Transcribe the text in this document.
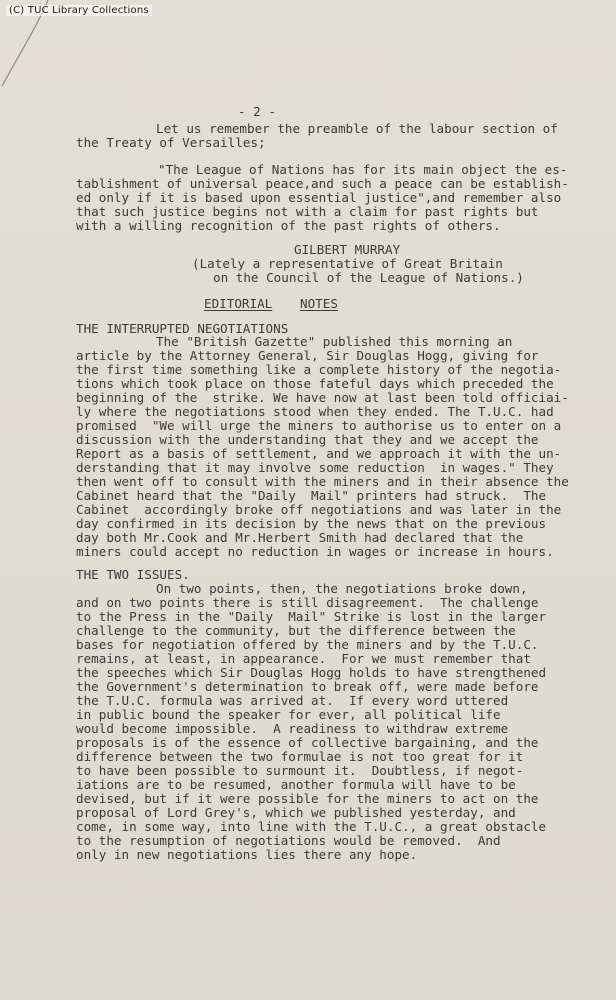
(C) TUC Library Collections
- 2 -
Let us remember the preamble of the labour section of
the Treaty of Versailles;
"The League of Nations has for its main object the es-
tablishment of universal peace,and such a peace can be establish-
ed only if it is based upon essential justice",and remember also
that such justice begins not with a claim for past rights but
with a willing recognition of the past rights of others.
GILBERT MURRAY
(Lately a representative of Great Britain
on the Council of the League of Nations.)
EDITORIAL NOTES
THE INTERRUPTED NEGOTIATIONS
The "British Gazette" published this morning an
article by the Attorney General, Sir Douglas Hogg, giving for
the first time something like a complete history of the negotia-
tions which took place on those fateful days which preceded the
beginning of the  strike. We have now at last been told officiai-
ly where the negotiations stood when they ended. The T.U.C. had
promised  "We will urge the miners to authorise us to enter on a
discussion with the understanding that they and we accept the
Report as a basis of settlement, and we approach it with the un-
derstanding that it may involve some reduction  in wages." They
then went off to consult with the miners and in their absence the
Cabinet heard that the "Daily  Mail" printers had struck.  The
Cabinet  accordingly broke off negotiations and was later in the
day confirmed in its decision by the news that on the previous
day both Mr.Cook and Mr.Herbert Smith had declared that the
miners could accept no reduction in wages or increase in hours.
THE TWO ISSUES.
On two points, then, the negotiations broke down,
and on two points there is still disagreement.  The challenge
to the Press in the "Daily  Mail" Strike is lost in the larger
challenge to the community, but the difference between the
bases for negotiation offered by the miners and by the T.U.C.
remains, at least, in appearance.  For we must remember that
the speeches which Sir Douglas Hogg holds to have strengthened
the Government's determination to break off, were made before
the T.U.C. formula was arrived at.  If every word uttered
in public bound the speaker for ever, all political life
would become impossible.  A readiness to withdraw extreme
proposals is of the essence of collective bargaining, and the
difference between the two formulae is not too great for it
to have been possible to surmount it.  Doubtless, if negot-
iations are to be resumed, another formula will have to be
devised, but if it were possible for the miners to act on the
proposal of Lord Grey's, which we published yesterday, and
come, in some way, into line with the T.U.C., a great obstacle
to the resumption of negotiations would be removed.  And
only in new negotiations lies there any hope.
